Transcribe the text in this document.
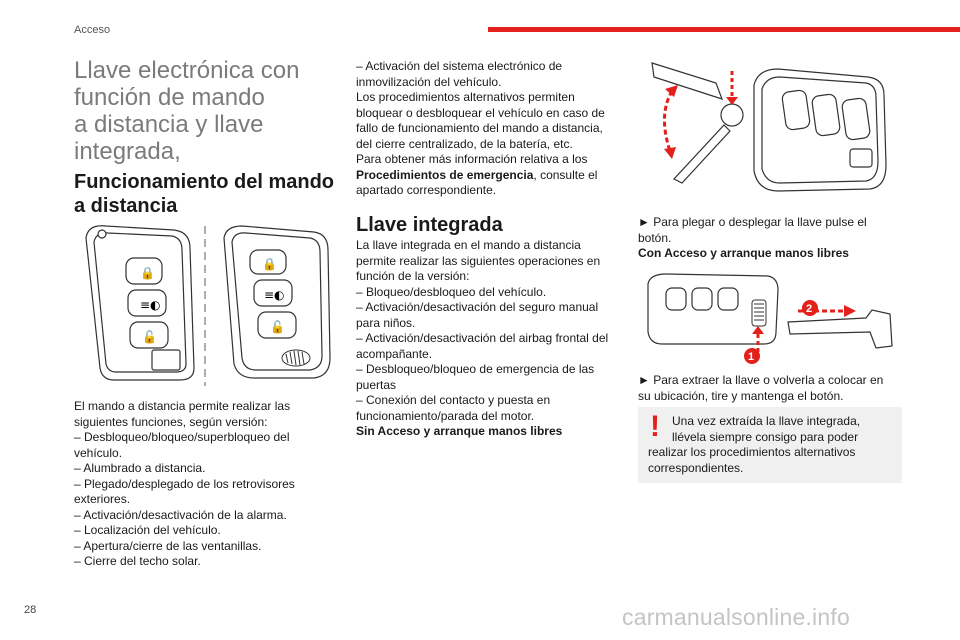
Acceso
Llave electrónica con
función de mando
a distancia y llave
integrada,
Funcionamiento del mando
a distancia
🔒
≡◐
🔓
🔒
≡◐
🔓
El mando a distancia permite realizar las
siguientes funciones, según versión:
– Desbloqueo/bloqueo/superbloqueo del
vehículo.
– Alumbrado a distancia.
– Plegado/desplegado de los retrovisores
exteriores.
– Activación/desactivación de la alarma.
– Localización del vehículo.
– Apertura/cierre de las ventanillas.
– Cierre del techo solar.
– Activación del sistema electrónico de
inmovilización del vehículo.
Los procedimientos alternativos permiten
bloquear o desbloquear el vehículo en caso de
fallo de funcionamiento del mando a distancia,
del cierre centralizado, de la batería, etc.
Para obtener más información relativa a los
Procedimientos de emergencia, consulte el
apartado correspondiente.
Llave integrada
La llave integrada en el mando a distancia
permite realizar las siguientes operaciones en
función de la versión:
– Bloqueo/desbloqueo del vehículo.
– Activación/desactivación del seguro manual
para niños.
– Activación/desactivación del airbag frontal del
acompañante.
– Desbloqueo/bloqueo de emergencia de las
puertas
– Conexión del contacto y puesta en
funcionamiento/parada del motor.
Sin Acceso y arranque manos libres
► Para plegar o desplegar la llave pulse el
botón.
Con Acceso y arranque manos libres
2
1
► Para extraer la llave o volverla a colocar en
su ubicación, tire y mantenga el botón.
!	Una vez extraída la llave integrada,
llévela siempre consigo para poder
realizar los procedimientos alternativos
correspondientes.
28	carmanualsonline.info
